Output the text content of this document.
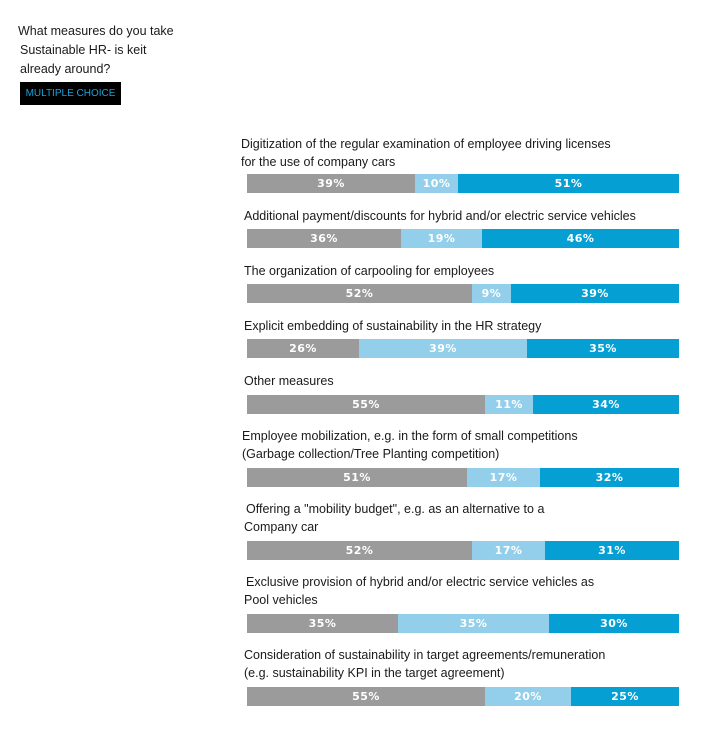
What measures do you take
Sustainable HR- is keit
already around?
MULTIPLE CHOICE
Digitization of the regular examination of employee driving licenses
for the use of company cars
39%	10%	51%
Additional payment/discounts for hybrid and/or electric service vehicles
36%	19%	46%
The organization of carpooling for employees
52%	9%	39%
Explicit embedding of sustainability in the HR strategy
26%	39%	35%
Other measures
55%	11%	34%
Employee mobilization, e.g. in the form of small competitions
(Garbage collection/Tree Planting competition)
51%	17%	32%
Offering a "mobility budget", e.g. as an alternative to a
Company car
52%	17%	31%
Exclusive provision of hybrid and/or electric service vehicles as
Pool vehicles
35%	35%	30%
Consideration of sustainability in target agreements/remuneration
(e.g. sustainability KPI in the target agreement)
55%	20%	25%
